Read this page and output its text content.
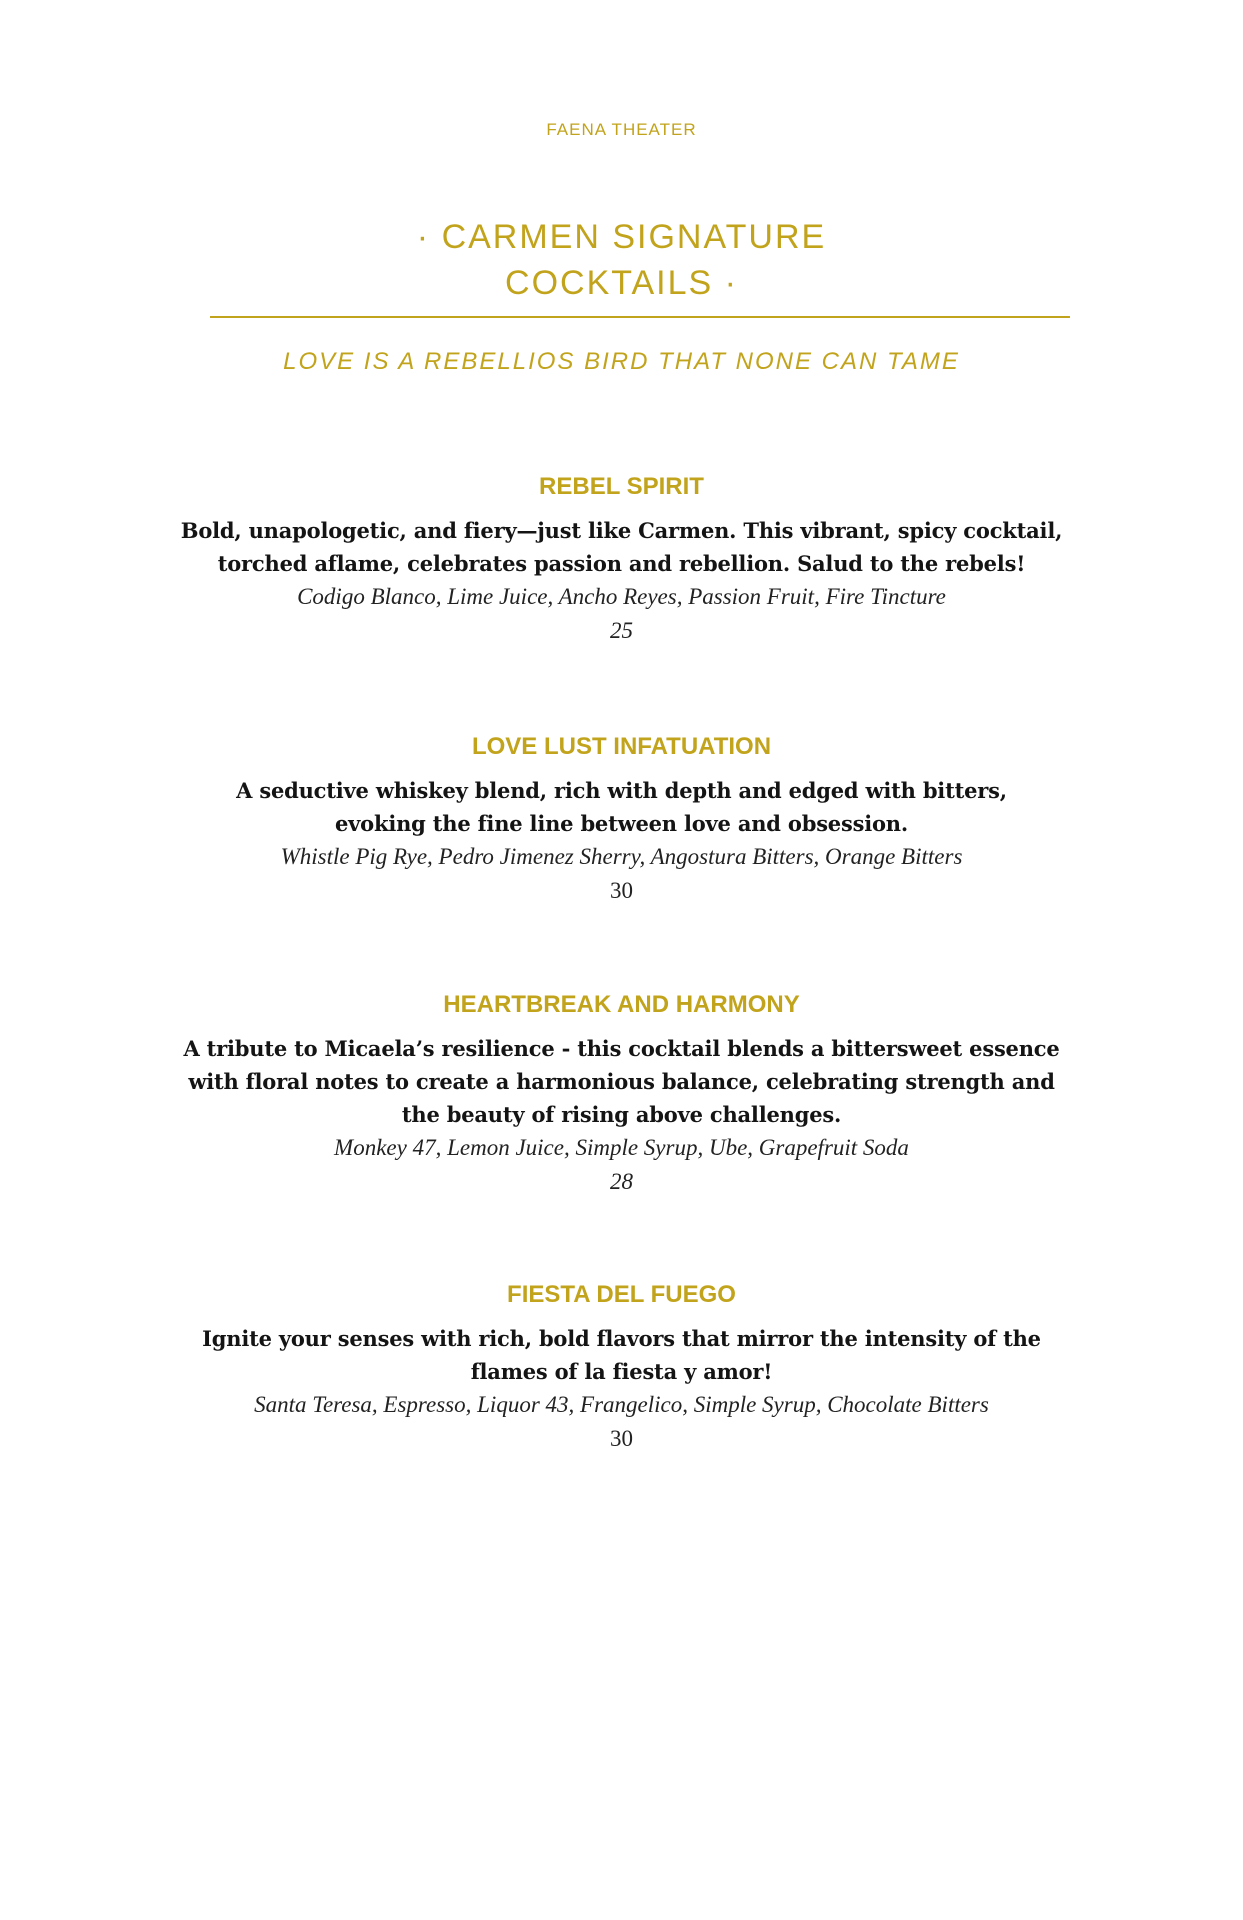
FAENA THEATER
· CARMEN SIGNATURE
COCKTAILS ·
LOVE IS A REBELLIOS BIRD THAT NONE CAN TAME
REBEL SPIRIT
Bold, unapologetic, and fiery—just like Carmen. This vibrant, spicy cocktail,
torched aflame, celebrates passion and rebellion. Salud to the rebels!
Codigo Blanco, Lime Juice, Ancho Reyes, Passion Fruit, Fire Tincture
25
LOVE LUST INFATUATION
A seductive whiskey blend, rich with depth and edged with bitters,
evoking the fine line between love and obsession.
Whistle Pig Rye, Pedro Jimenez Sherry, Angostura Bitters, Orange Bitters
30
HEARTBREAK AND HARMONY
A tribute to Micaela’s resilience - this cocktail blends a bittersweet essence
with floral notes to create a harmonious balance, celebrating strength and
the beauty of rising above challenges.
Monkey 47, Lemon Juice, Simple Syrup, Ube, Grapefruit Soda
28
FIESTA DEL FUEGO
Ignite your senses with rich, bold flavors that mirror the intensity of the
flames of la fiesta y amor!
Santa Teresa, Espresso, Liquor 43, Frangelico, Simple Syrup, Chocolate Bitters
30
